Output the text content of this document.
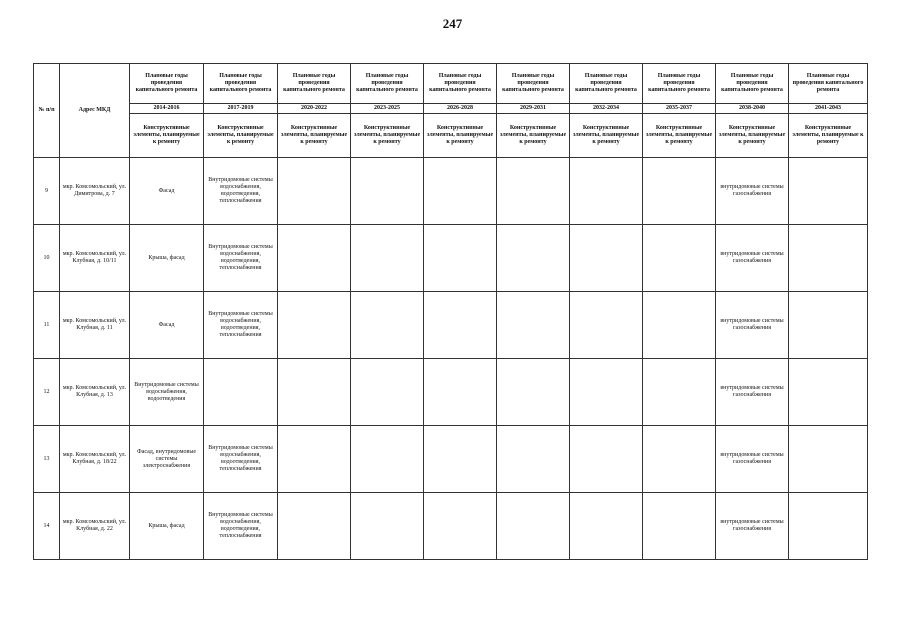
247
№ п/п	Адрес МКД	Плановые годы проведения капитального ремонта	Плановые годы проведения капитального ремонта	Плановые годы проведения капитального ремонта	Плановые годы проведения капитального ремонта	Плановые годы проведения капитального ремонта	Плановые годы проведения капитального ремонта	Плановые годы проведения капитального ремонта	Плановые годы проведения капитального ремонта	Плановые годы проведения капитального ремонта	Плановые годы проведения капитального ремонта
		2014-2016	2017-2019	2020-2022	2023-2025	2026-2028	2029-2031	2032-2034	2035-2037	2038-2040	2041-2043
		Конструктивные элементы, планируемые к ремонту	Конструктивные элементы, планируемые к ремонту	Конструктивные элементы, планируемые к ремонту	Конструктивные элементы, планируемые к ремонту	Конструктивные элементы, планируемые к ремонту	Конструктивные элементы, планируемые к ремонту	Конструктивные элементы, планируемые к ремонту	Конструктивные элементы, планируемые к ремонту	Конструктивные элементы, планируемые к ремонту	Конструктивные элементы, планируемые к ремонту
9	мкр. Комсомольский, ул. Димитрова, д. 7	Фасад	Внутридомовые системы водоснабжения, водоотведения, теплоснабжения							внутридомовые системы газоснабжения	
10	мкр. Комсомольский, ул. Клубная, д. 10/11	Крыша, фасад	Внутридомовые системы водоснабжения, водоотведения, теплоснабжения							внутридомовые системы газоснабжения	
11	мкр. Комсомольский, ул. Клубная, д. 11	Фасад	Внутридомовые системы водоснабжения, водоотведения, теплоснабжения							внутридомовые системы газоснабжения	
12	мкр. Комсомольский, ул. Клубная, д. 13	Внутридомовые системы водоснабжения, водоотведения								внутридомовые системы газоснабжения	
13	мкр. Комсомольский, ул. Клубная, д. 18/22	Фасад, внутридомовые системы электроснабжения	Внутридомовые системы водоснабжения, водоотведения, теплоснабжения							внутридомовые системы газоснабжения	
14	мкр. Комсомольский, ул. Клубная, д. 22	Крыша, фасад	Внутридомовые системы водоснабжения, водоотведения, теплоснабжения							внутридомовые системы газоснабжения	
